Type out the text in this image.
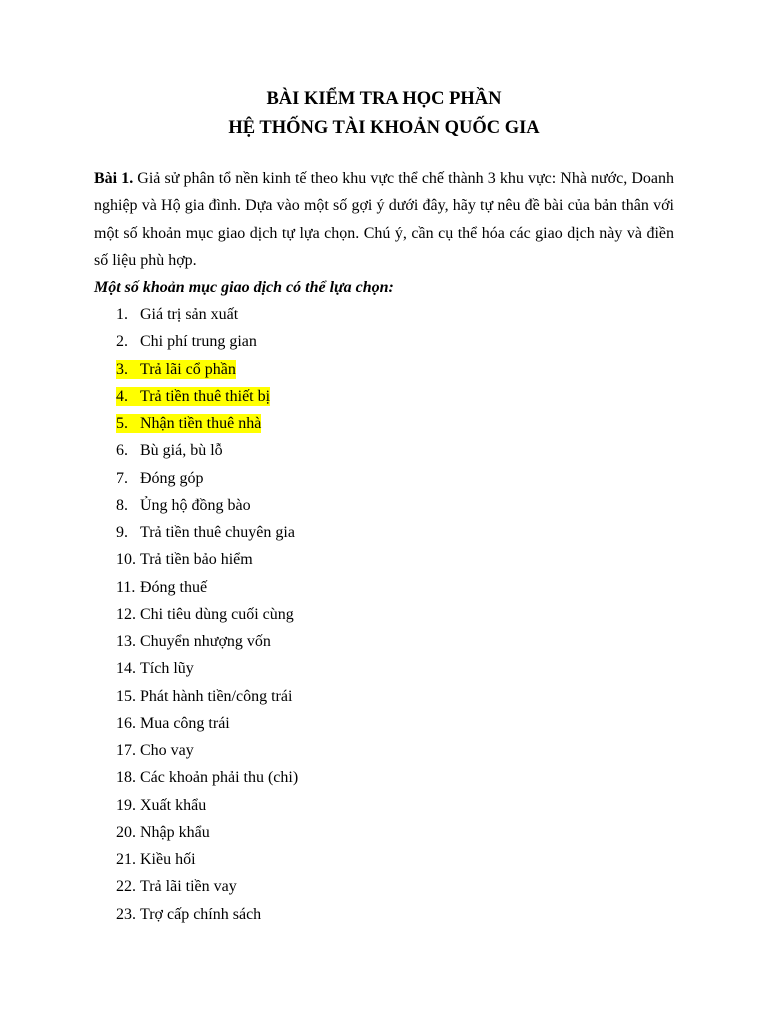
BÀI KIỂM TRA HỌC PHẦN
HỆ THỐNG TÀI KHOẢN QUỐC GIA

Bài 1. Giả sử phân tổ nền kinh tế theo khu vực thể chế thành 3 khu vực: Nhà nước, Doanh nghiệp và Hộ gia đình. Dựa vào một số gợi ý dưới đây, hãy tự nêu đề bài của bản thân với một số khoản mục giao dịch tự lựa chọn. Chú ý, cần cụ thể hóa các giao dịch này và điền số liệu phù hợp.

Một số khoản mục giao dịch có thể lựa chọn:

1. Giá trị sản xuất
2. Chi phí trung gian
3. Trả lãi cổ phần
4. Trả tiền thuê thiết bị
5. Nhận tiền thuê nhà
6. Bù giá, bù lỗ
7. Đóng góp
8. Ủng hộ đồng bào
9. Trả tiền thuê chuyên gia
10. Trả tiền bảo hiểm
11. Đóng thuế
12. Chi tiêu dùng cuối cùng
13. Chuyển nhượng vốn
14. Tích lũy
15. Phát hành tiền/công trái
16. Mua công trái
17. Cho vay
18. Các khoản phải thu (chi)
19. Xuất khẩu
20. Nhập khẩu
21. Kiều hối
22. Trả lãi tiền vay
23. Trợ cấp chính sách
